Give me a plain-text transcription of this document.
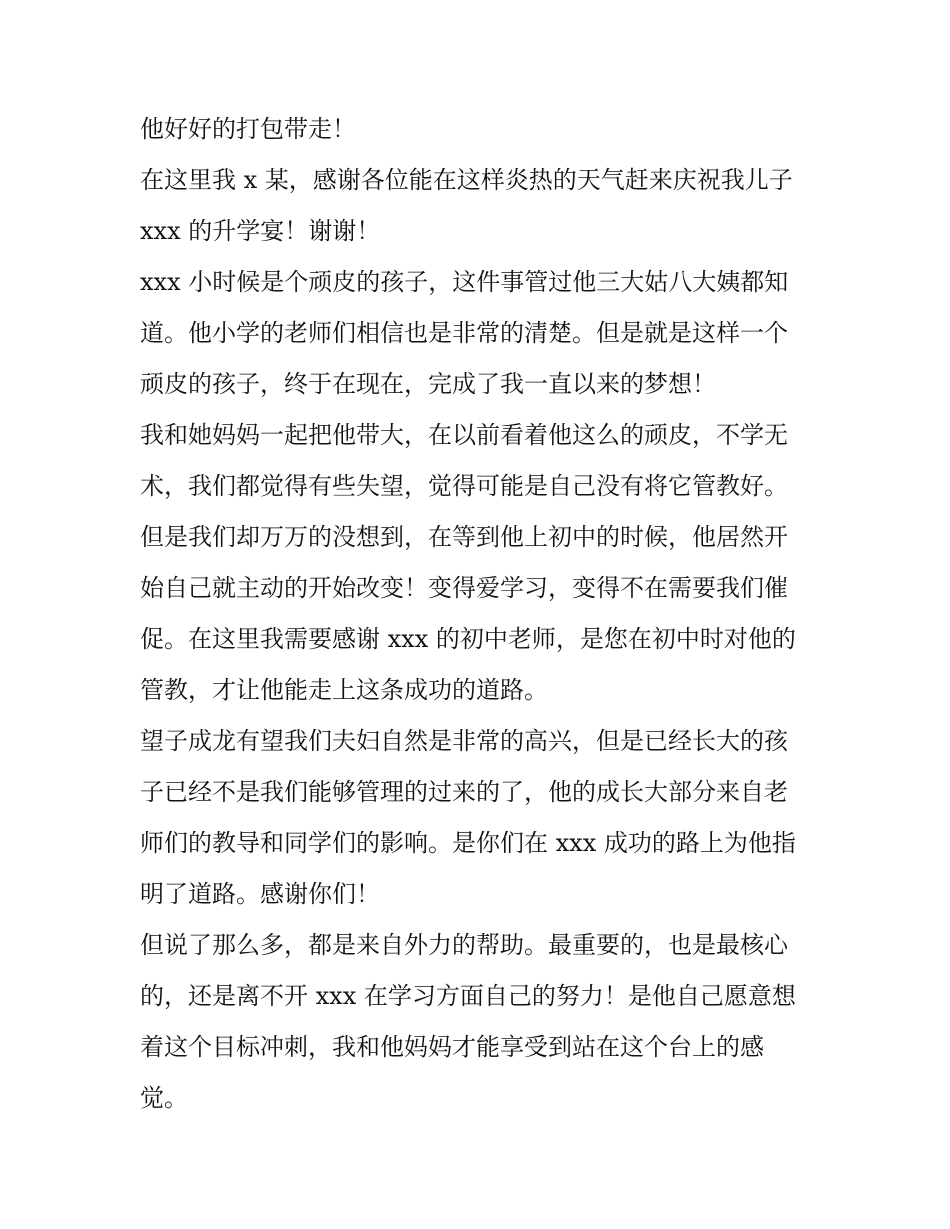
他好好的打包带走！
在这里我 x 某，感谢各位能在这样炎热的天气赶来庆祝我儿子
xxx 的升学宴！谢谢！
xxx 小时候是个顽皮的孩子，这件事管过他三大姑八大姨都知
道。他小学的老师们相信也是非常的清楚。但是就是这样一个
顽皮的孩子，终于在现在，完成了我一直以来的梦想！
我和她妈妈一起把他带大，在以前看着他这么的顽皮，不学无
术，我们都觉得有些失望，觉得可能是自己没有将它管教好。
但是我们却万万的没想到，在等到他上初中的时候，他居然开
始自己就主动的开始改变！变得爱学习，变得不在需要我们催
促。在这里我需要感谢 xxx 的初中老师，是您在初中时对他的
管教，才让他能走上这条成功的道路。
望子成龙有望我们夫妇自然是非常的高兴，但是已经长大的孩
子已经不是我们能够管理的过来的了，他的成长大部分来自老
师们的教导和同学们的影响。是你们在 xxx 成功的路上为他指
明了道路。感谢你们！
但说了那么多，都是来自外力的帮助。最重要的，也是最核心
的，还是离不开 xxx 在学习方面自己的努力！是他自己愿意想
着这个目标冲刺，我和他妈妈才能享受到站在这个台上的感
觉。
